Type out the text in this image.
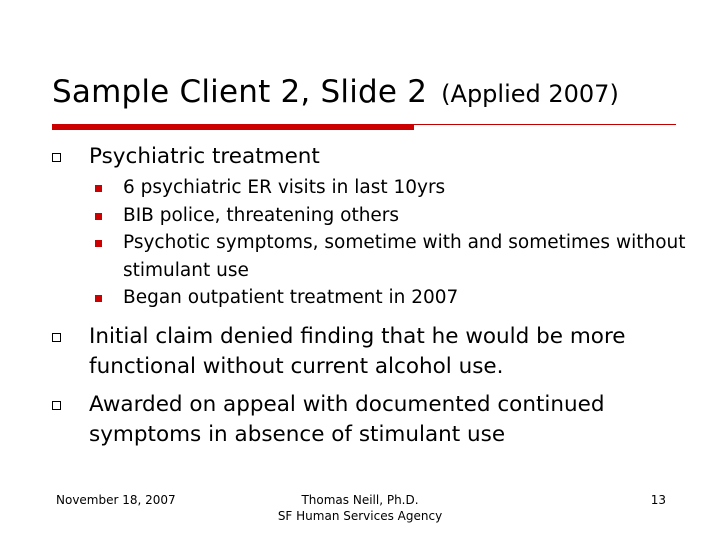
Sample Client 2, Slide 2 (Applied 2007)
Psychiatric treatment
6 psychiatric ER visits in last 10yrs
BIB police, threatening others
Psychotic symptoms, sometime with and sometimes without stimulant use
Began outpatient treatment in 2007
Initial claim denied finding that he would be more functional without current alcohol use.
Awarded on appeal with documented continued symptoms in absence of stimulant use
November 18, 2007	Thomas Neill, Ph.D.
SF Human Services Agency
13
